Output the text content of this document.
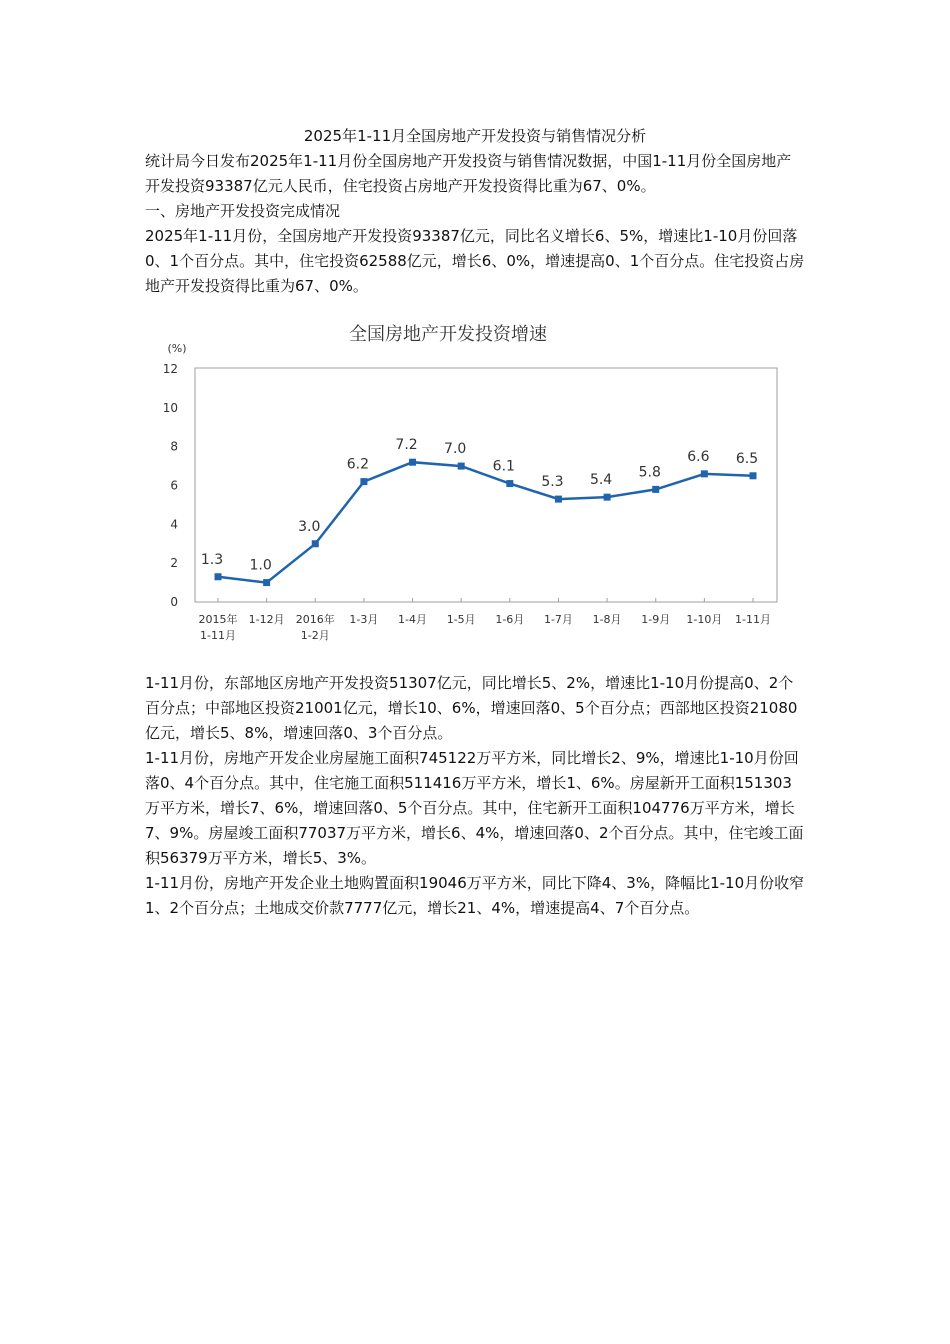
2025年1-11月全国房地产开发投资与销售情况分析

统计局今日发布2025年1-11月份全国房地产开发投资与销售情况数据，中国1-11月份全国房地产开发投资93387亿元人民币，住宅投资占房地产开发投资得比重为67、0%。

一、房地产开发投资完成情况

2025年1-11月份，全国房地产开发投资93387亿元，同比名义增长6、5%，增速比1-10月份回落0、1个百分点。其中，住宅投资62588亿元，增长6、0%，增速提高0、1个百分点。住宅投资占房地产开发投资得比重为67、0%。

全国房地产开发投资增速
(%)
0
2
4
6
8
10
12
2015年
1-11月
1-12月 2016年
1-2月
1-3月 1-4月 1-5月 1-6月 1-7月 1-8月 1-9月 1-10月 1-11月
1.3 1.0
3.0
6.2
7.2 7.0
6.1
5.3 5.4 5.8
6.6 6.5

1-11月份，东部地区房地产开发投资51307亿元，同比增长5、2%，增速比1-10月份提高0、2个百分点；中部地区投资21001亿元，增长10、6%，增速回落0、5个百分点；西部地区投资21080亿元，增长5、8%，增速回落0、3个百分点。

1-11月份，房地产开发企业房屋施工面积745122万平方米，同比增长2、9%，增速比1-10月份回落0、4个百分点。其中，住宅施工面积511416万平方米，增长1、6%。房屋新开工面积151303万平方米，增长7、6%，增速回落0、5个百分点。其中，住宅新开工面积104776万平方米，增长7、9%。房屋竣工面积77037万平方米，增长6、4%，增速回落0、2个百分点。其中，住宅竣工面积56379万平方米，增长5、3%。

1-11月份，房地产开发企业土地购置面积19046万平方米，同比下降4、3%，降幅比1-10月份收窄1、2个百分点；土地成交价款7777亿元，增长21、4%，增速提高4、7个百分点。
